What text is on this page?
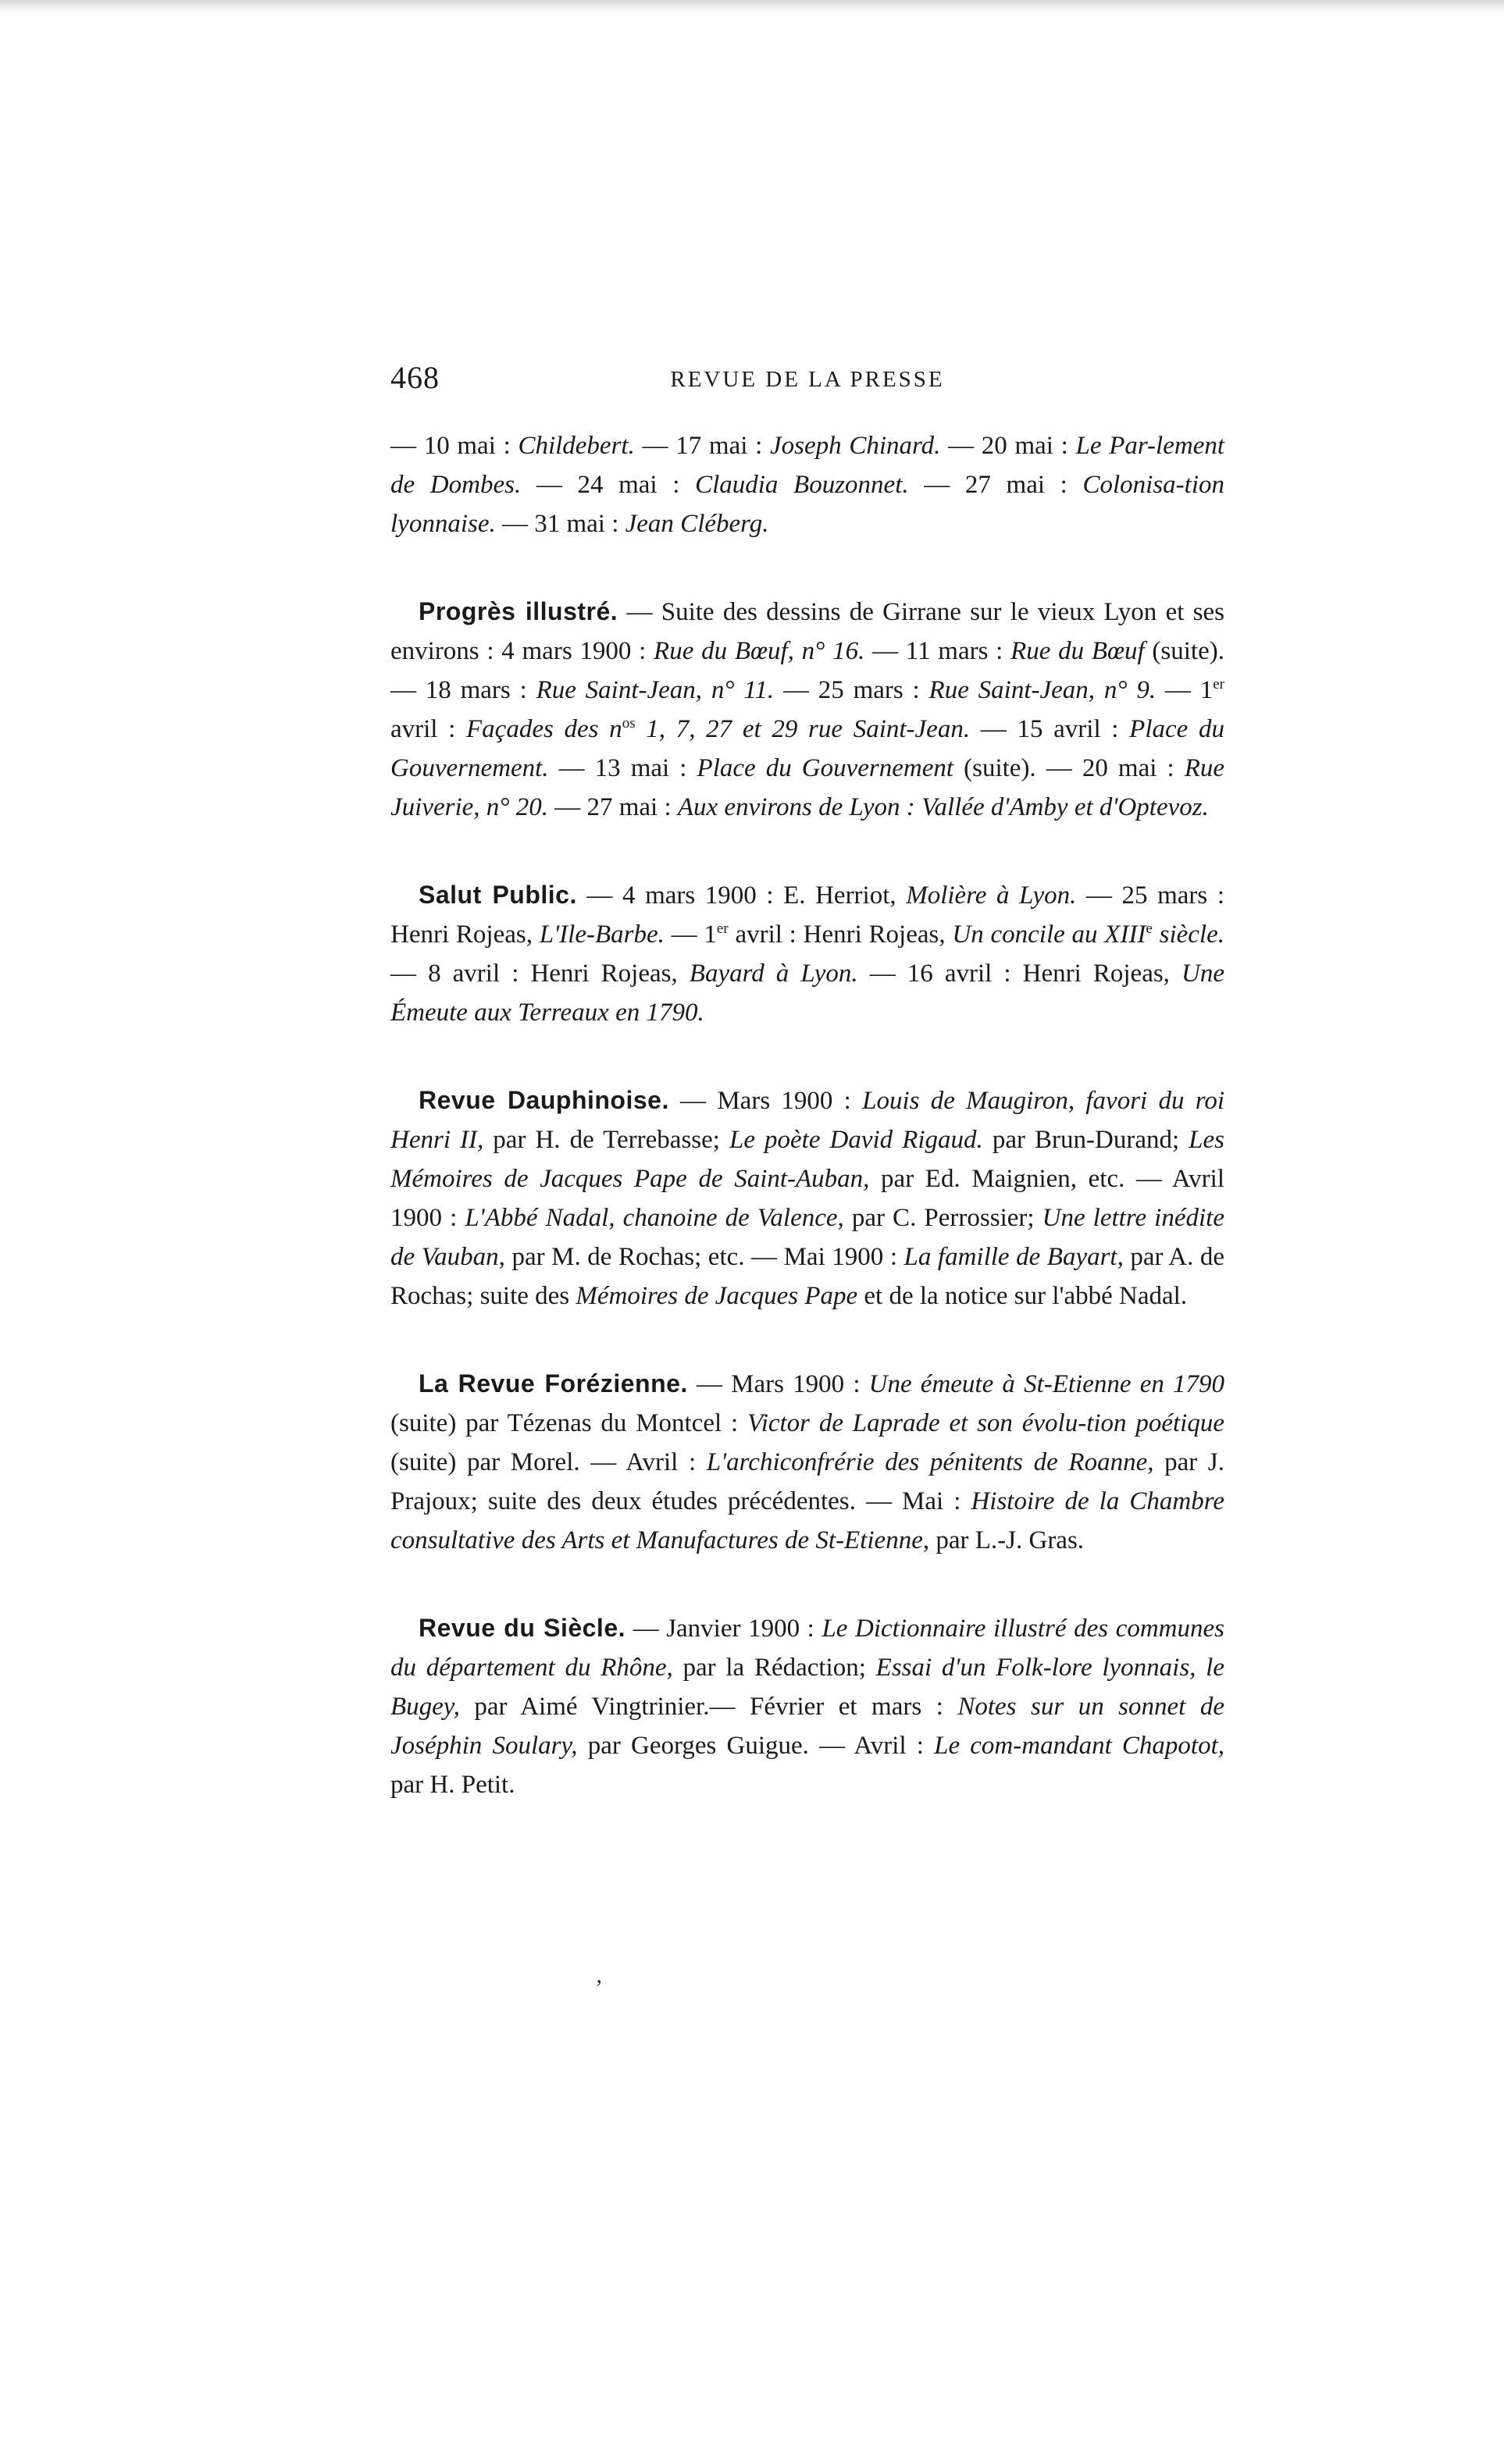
468	REVUE DE LA PRESSE

— 10 mai : Childebert. — 17 mai : Joseph Chinard. — 20 mai : Le Par-lement de Dombes. — 24 mai : Claudia Bouzonnet. — 27 mai : Colonisa-tion lyonnaise. — 31 mai : Jean Cléberg.

Progrès illustré. — Suite des dessins de Girrane sur le vieux Lyon et ses environs : 4 mars 1900 : Rue du Bœuf, n° 16. — 11 mars : Rue du Bœuf (suite). — 18 mars : Rue Saint-Jean, n° 11. — 25 mars : Rue Saint-Jean, n° 9. — 1er avril : Façades des $n^{os}$ 1, 7, 27 et 29 rue Saint-Jean. — 15 avril : Place du Gouvernement. — 13 mai : Place du Gouvernement (suite). — 20 mai : Rue Juiverie, n° 20. — 27 mai : Aux environs de Lyon : Vallée d'Amby et d'Optevoz.

Salut Public. — 4 mars 1900 : E. Herriot, Molière à Lyon. — 25 mars : Henri Rojeas, L'Ile-Barbe. — 1er avril : Henri Rojeas, Un concile au XIIIe siècle. — 8 avril : Henri Rojeas, Bayard à Lyon. — 16 avril : Henri Rojeas, Une Émeute aux Terreaux en 1790.

Revue Dauphinoise. — Mars 1900 : Louis de Maugiron, favori du roi Henri II, par H. de Terrebasse; Le poète David Rigaud. par Brun-Durand; Les Mémoires de Jacques Pape de Saint-Auban, par Ed. Maignien, etc. — Avril 1900 : L'Abbé Nadal, chanoine de Valence, par C. Perrossier; Une lettre inédite de Vauban, par M. de Rochas; etc. — Mai 1900 : La famille de Bayart, par A. de Rochas; suite des Mémoires de Jacques Pape et de la notice sur l'abbé Nadal.

La Revue Forézienne. — Mars 1900 : Une émeute à St-Etienne en 1790 (suite) par Tézenas du Montcel : Victor de Laprade et son évolu-tion poétique (suite) par Morel. — Avril : L'archiconfrérie des pénitents de Roanne, par J. Prajoux; suite des deux études précédentes. — Mai : Histoire de la Chambre consultative des Arts et Manufactures de St-Etienne, par L.-J. Gras.

Revue du Siècle. — Janvier 1900 : Le Dictionnaire illustré des communes du département du Rhône, par la Rédaction; Essai d'un Folk-lore lyonnais, le Bugey, par Aimé Vingtrinier.— Février et mars : Notes sur un sonnet de Joséphin Soulary, par Georges Guigue. — Avril : Le com-mandant Chapotot, par H. Petit.

ʼ
